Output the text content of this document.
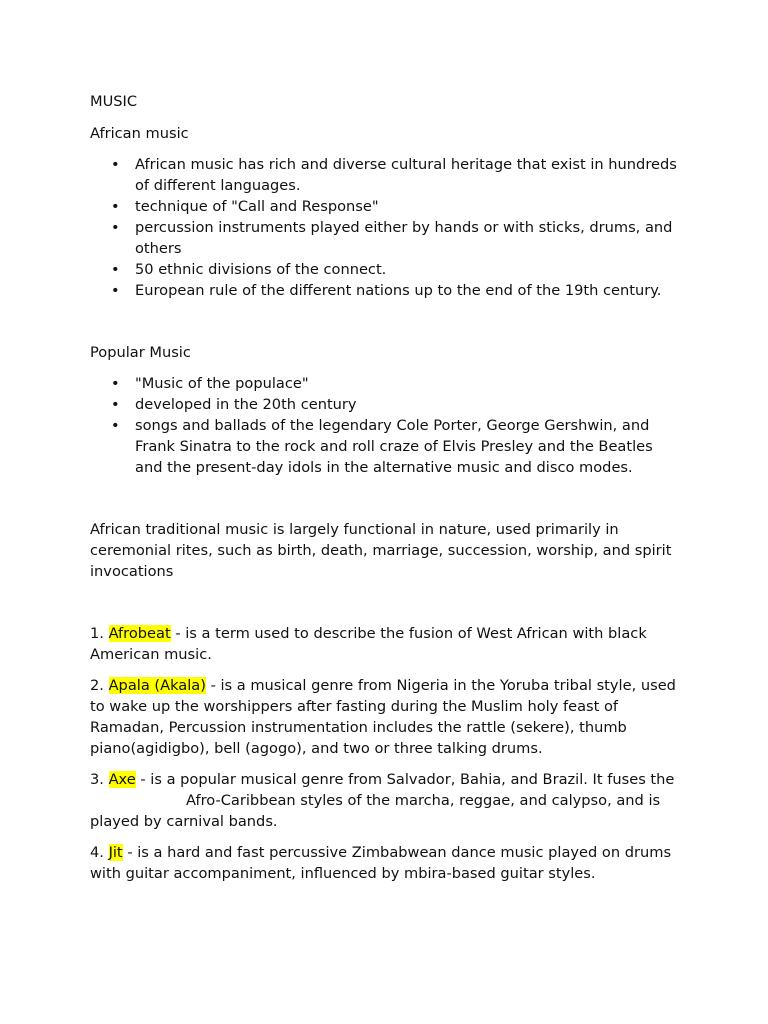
MUSIC

African music

• African music has rich and diverse cultural heritage that exist in hundreds of different languages.
• technique of "Call and Response"
• percussion instruments played either by hands or with sticks, drums, and others
• 50 ethnic divisions of the connect.
• European rule of the different nations up to the end of the 19th century.

Popular Music

• "Music of the populace"
• developed in the 20th century
• songs and ballads of the legendary Cole Porter, George Gershwin, and Frank Sinatra to the rock and roll craze of Elvis Presley and the Beatles and the present-day idols in the alternative music and disco modes.

African traditional music is largely functional in nature, used primarily in ceremonial rites, such as birth, death, marriage, succession, worship, and spirit invocations

1. Afrobeat - is a term used to describe the fusion of West African with black American music.

2. Apala (Akala) - is a musical genre from Nigeria in the Yoruba tribal style, used to wake up the worshippers after fasting during the Muslim holy feast of Ramadan, Percussion instrumentation includes the rattle (sekere), thumb piano(agidigbo), bell (agogo), and two or three talking drums.

3. Axe - is a popular musical genre from Salvador, Bahia, and Brazil. It fuses theAfro-Caribbean styles of the marcha, reggae, and calypso, and is played by carnival bands.

4. Jit - is a hard and fast percussive Zimbabwean dance music played on drums with guitar accompaniment, influenced by mbira-based guitar styles.
